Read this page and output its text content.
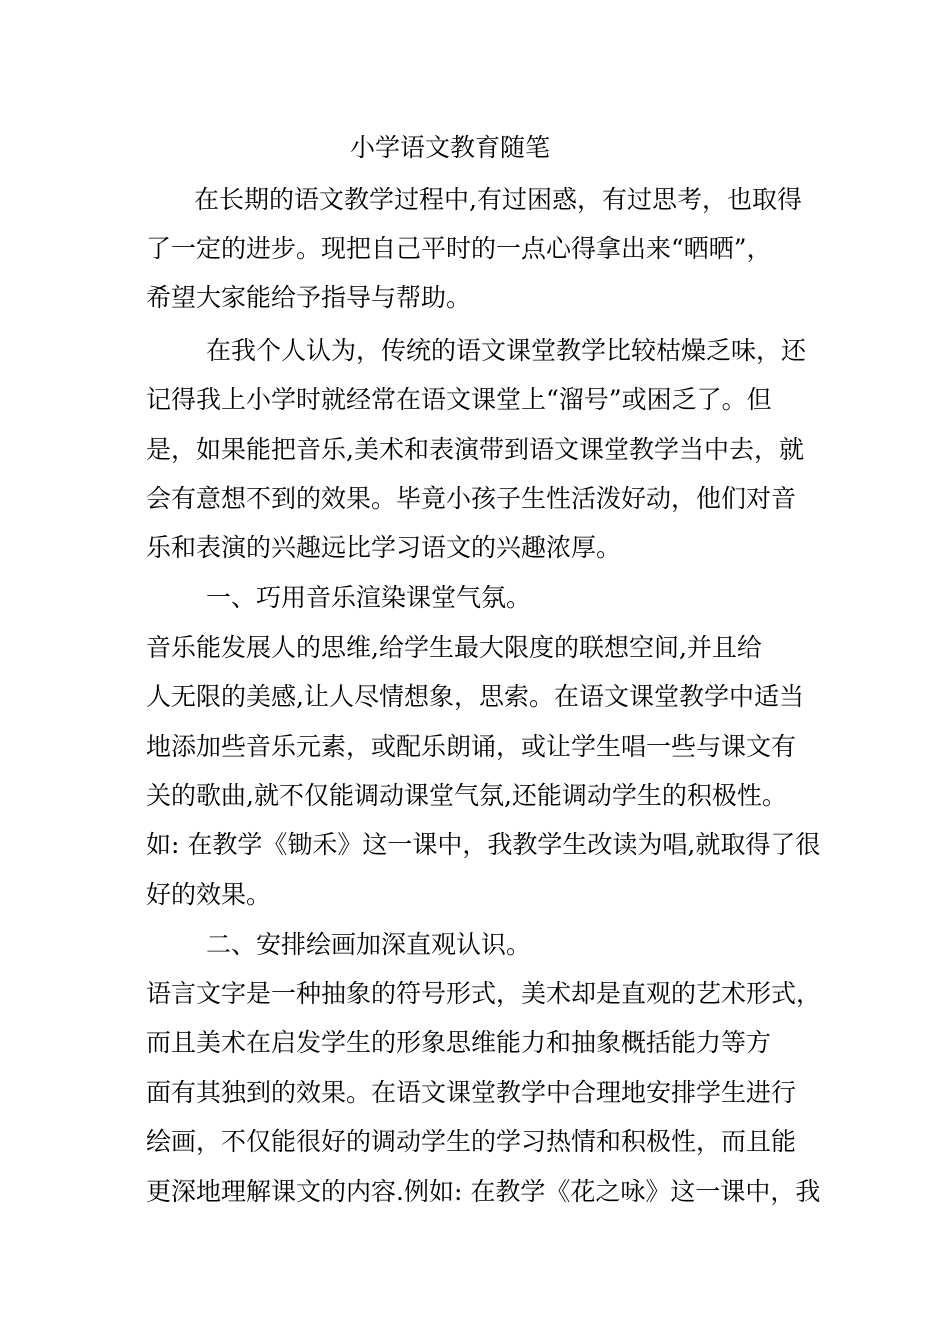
小学语文教育随笔

在长期的语文教学过程中,有过困惑，有过思考，也取得

了一定的进步。现把自己平时的一点心得拿出来“晒晒”，

希望大家能给予指导与帮助。

在我个人认为，传统的语文课堂教学比较枯燥乏味，还

记得我上小学时就经常在语文课堂上“溜号”或困乏了。但

是，如果能把音乐,美术和表演带到语文课堂教学当中去，就

会有意想不到的效果。毕竟小孩子生性活泼好动，他们对音

乐和表演的兴趣远比学习语文的兴趣浓厚。

一、巧用音乐渲染课堂气氛。

音乐能发展人的思维,给学生最大限度的联想空间,并且给

人无限的美感,让人尽情想象，思索。在语文课堂教学中适当

地添加些音乐元素，或配乐朗诵，或让学生唱一些与课文有

关的歌曲,就不仅能调动课堂气氛,还能调动学生的积极性。

如: 在教学《锄禾》这一课中，我教学生改读为唱,就取得了很

好的效果。

二、安排绘画加深直观认识。

语言文字是一种抽象的符号形式，美术却是直观的艺术形式，

而且美术在启发学生的形象思维能力和抽象概括能力等方

面有其独到的效果。在语文课堂教学中合理地安排学生进行

绘画，不仅能很好的调动学生的学习热情和积极性，而且能

更深地理解课文的内容.例如: 在教学《花之咏》这一课中，我
